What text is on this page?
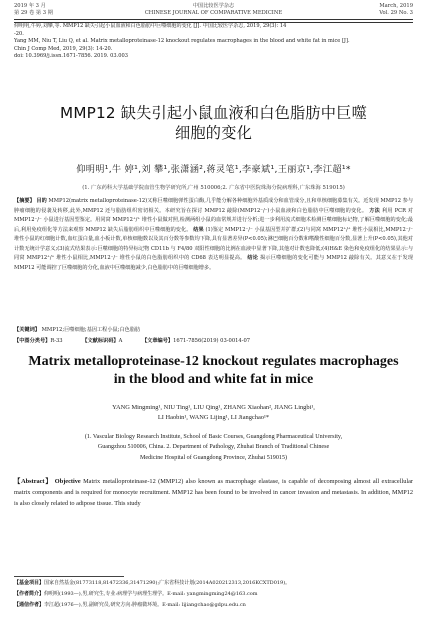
2019 年 3 月
第 29 卷 第 3 期
中国比较医学杂志
CHINESE JOURNAL OF COMPARATIVE MEDICINE
March, 2019
Vol. 29 No. 3
仰明明,牛婷,刘攀,等. MMP12 缺失引起小鼠血液和白色脂肪中巨噬细胞的变化 [J]. 中国比较医学杂志, 2019, 29(3): 14
-20.
Yang MM, Niu T, Liu Q, et al. Matrix metalloproteinase-12 knockout regulates macrophages in the blood and white fat in mice [J].
Chin J Comp Med, 2019, 29(3): 14-20.
doi: 10.3969/j.issn.1671-7856. 2019. 03.003
MMP12 缺失引起小鼠血液和白色脂肪中巨噬
细胞的变化
仰明明¹,牛 婷¹,刘 攀¹,张潇涵²,蒋灵笔¹,李豪斌¹,王丽京¹,李江超¹*
(1. 广东药科大学基础学院血管生物学研究所,广州 510006;2. 广东省中医院珠海分院病理科,广东珠海 519015)
【摘要】 目的 MMP12(matrix metalloproteinase-12)又称巨噬细胞弹性蛋白酶,几乎能分解各种细胞外基质成分和血管成分,且和单核细胞募集有关。近发现 MMP12 参与肿瘤细胞的侵袭及转移,此外,MMP12 还与脂肪组织密切相关。本研究旨在探讨 MMP12 敲除(MMP12⁻/⁻)小鼠血液和白色脂肪中巨噬细胞的变化。 方法 利用 PCR 对 MMP12⁻/⁻ 小鼠进行基因型鉴定。用同窝 MMP12⁺/⁺ 堆性小鼠做对照,检测两组小鼠的血常规并进行分析;进一步利用流式细胞术检测巨噬细胞标记物,了解巨噬细胞的变化;最后,利用免疫组化等方法来观察 MMP12 缺失后脂肪组织中巨噬细胞的变化。 结果 (1)鉴定 MMP12⁻/⁻ 小鼠基因型并扩群;(2)与同窝 MMP12⁺/⁺ 堆性小鼠相比,MMP12⁻/⁻ 堆性小鼠的红细胞计数,血红蛋白量,血小板计数,单核细胞数以及其百分数等参数均下降,具有显著差异(P<0.05);淋巴细胞百分数和嗜酸性细胞百分数,显著上升(P<0.05),其他对计数无统计学意义;(3)流式结果表示:巨噬细胞的特异标记物 CD11b 与 F4/80 双阳性细胞的比例在血液中显著下降,其他对计数也降低;(4)H&E 染色和免疫组化的结果显示:与同窝 MMP12⁺/⁺ 堆性小鼠相比,MMP12⁻/⁻ 堆性小鼠的白色脂肪组织中的 CD68 表达明显提高。 结论 揭示巨噬细胞的变化可能与 MMP12 敲除有关。其意义在于发现 MMP12 可能调控了巨噬细胞的分化,血液中巨噬细胞减少,白色脂肪中的巨噬细胞增多。
【关键词】 MMP12;巨噬细胞;基因工程小鼠;白色脂肪
【中图分类号】R-33	【文献标识码】A	【文章编号】1671-7856(2019) 03-0014-07
Matrix metalloproteinase-12 knockout regulates macrophages
in the blood and white fat in mice
YANG Mingming¹, NIU Ting¹, LIU Qing¹, ZHANG Xiaohan², JIANG Lingbi¹,
LI Haobin¹, WANG Lijing¹, LI Jiangchao¹*
(1. Vascular Biology Research Institute, School of Basic Courses, Guangdong Pharmaceutical University,
Guangzhou 510006, China. 2. Department of Pathology, Zhuhai Branch of Traditional Chinese
Medicine Hospital of Guangdong Province, Zhuhai 519015)
【Abstract】 Objective Matrix metalloproteinase-12 (MMP12) also known as macrophage elastase, is capable of decomposing almost all extracellular matrix components and is required for monocyte recruitment. MMP12 has been found to be involved in cancer invasion and metastasis. In addition, MMP12 is also closely related to adipose tissue. This study
【基金项目】国家自然基金(81773118,81472336,31471290);广东省科技计划(2014A020212313,2016KCXTD019)。
【作者简介】仰明明(1993—),男,研究生,专业:病理学与病理生理学。E-mail: yangmingming24@163.com
【通信作者】李江超(1976—),男,副研究员,研究方向:肿瘤微环境。E-mail: lijiangchao@gdpu.edu.cn
